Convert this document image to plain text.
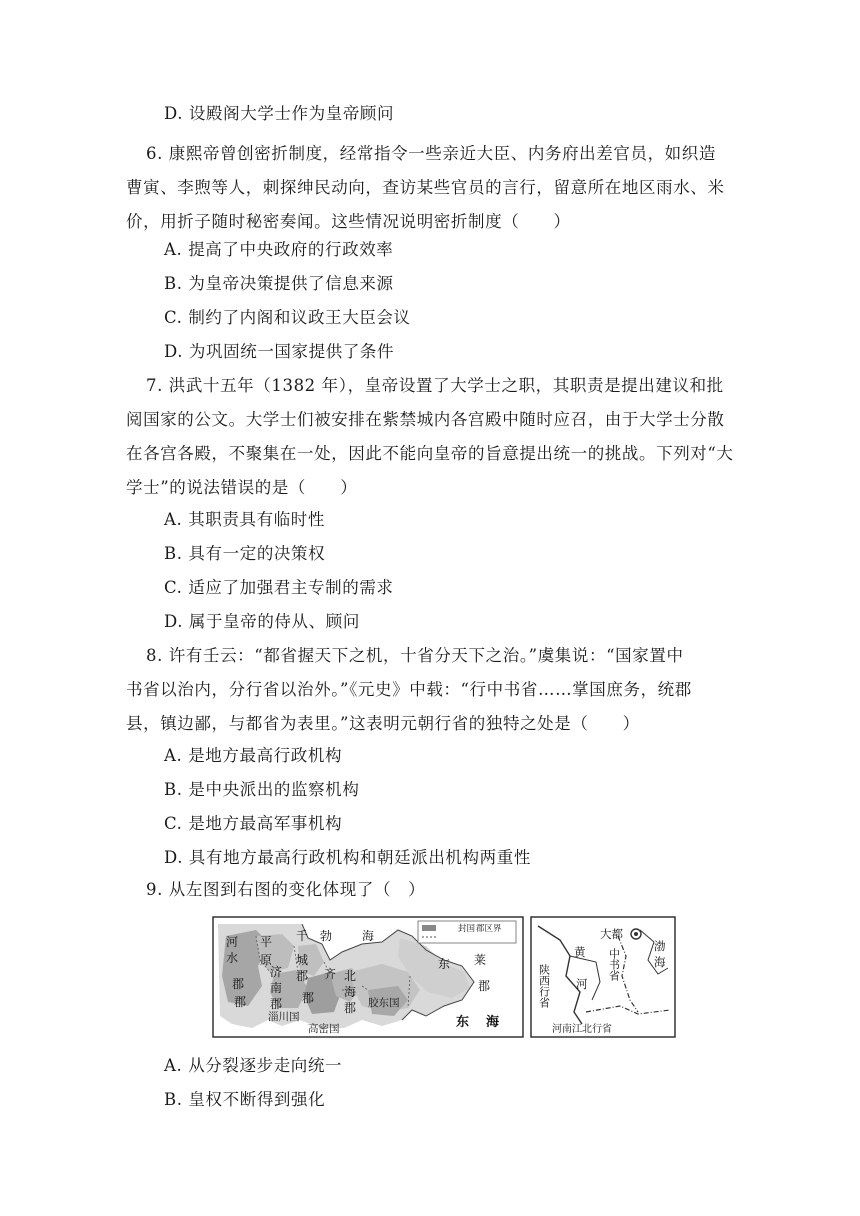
D. 设殿阁大学士作为皇帝顾问
6. 康熙帝曾创密折制度，经常指令一些亲近大臣、内务府出差官员，如织造
曹寅、李煦等人，刺探绅民动向，查访某些官员的言行，留意所在地区雨水、米
价，用折子随时秘密奏闻。这些情况说明密折制度（　　）
A. 提高了中央政府的行政效率
B. 为皇帝决策提供了信息来源
C. 制约了内阁和议政王大臣会议
D. 为巩固统一国家提供了条件
7. 洪武十五年（1382 年），皇帝设置了大学士之职，其职责是提出建议和批
阅国家的公文。大学士们被安排在紫禁城内各宫殿中随时应召，由于大学士分散
在各宫各殿，不聚集在一处，因此不能向皇帝的旨意提出统一的挑战。下列对“大
学士”的说法错误的是（　　）
A. 其职责具有临时性
B. 具有一定的决策权
C. 适应了加强君主专制的需求
D. 属于皇帝的侍从、顾问
8. 许有壬云：“都省握天下之机，十省分天下之治。”虞集说：“国家置中
书省以治内，分行省以治外。”《元史》中载：“行中书省……掌国庶务，统郡
县，镇边鄙，与都省为表里。”这表明元朝行省的独特之处是（　　）
A. 是地方最高行政机构
B. 是中央派出的监察机构
C. 是地方最高军事机构
D. 具有地方最高行政机构和朝廷派出机构两重性
9. 从左图到右图的变化体现了（　）
封国 郡区界
勃 海
东 莱
郡
河 平 千
水 原
郡
济
南
城
齐
郡
郡
北
海
郡
郡
郡	胶东国
淄川国
高密国	东 海
大都
渤
海
黄
河
河南江北行省
中书省
陕西行省
A. 从分裂逐步走向统一
B. 皇权不断得到强化
